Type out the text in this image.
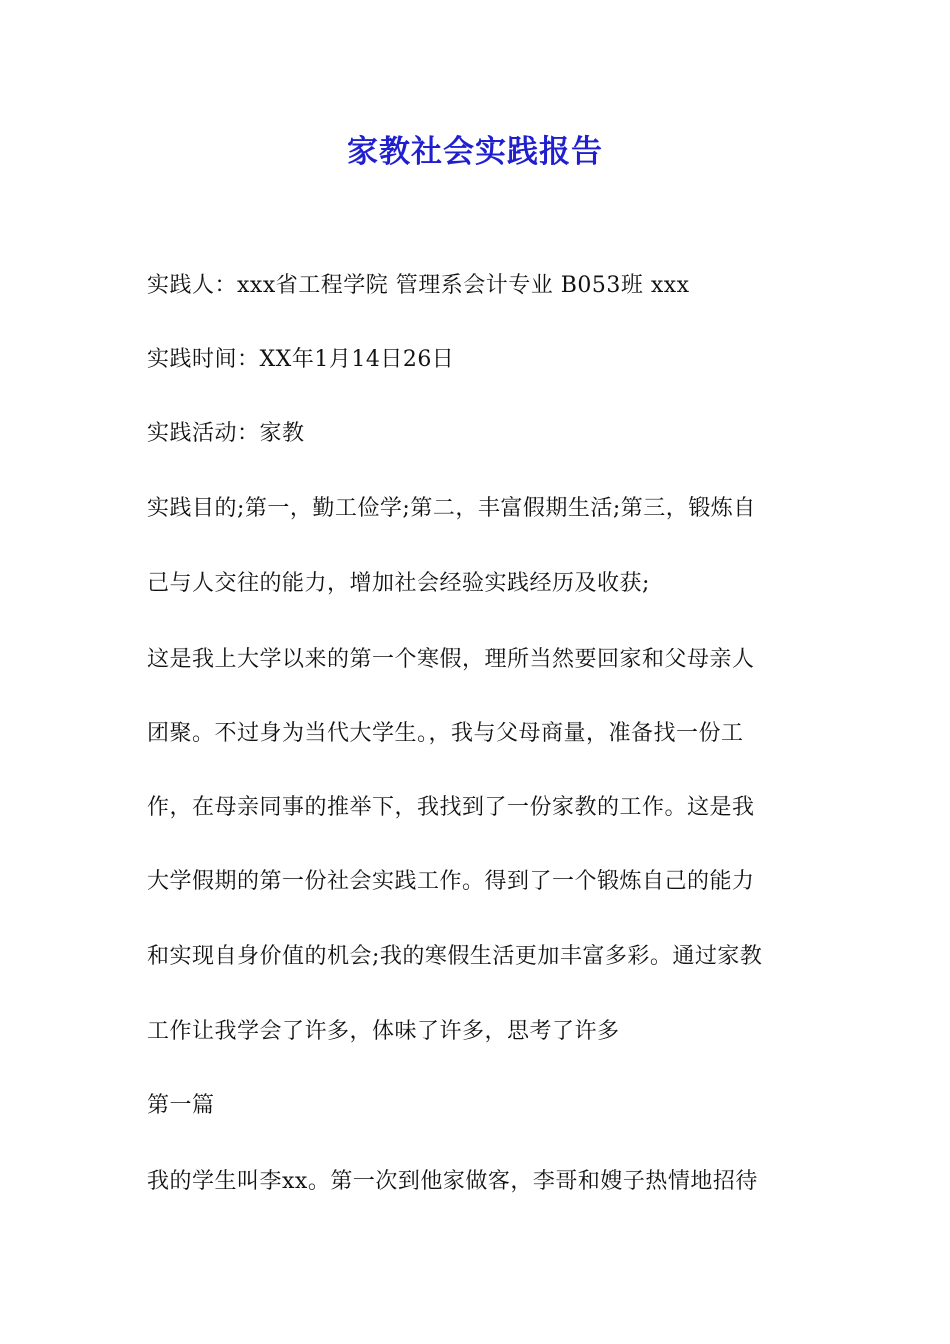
家教社会实践报告
实践人：xxx省工程学院 管理系会计专业 B053班 xxx
实践时间：XX年1月14日26日
实践活动：家教
实践目的;第一，勤工俭学;第二，丰富假期生活;第三，锻炼自
己与人交往的能力，增加社会经验实践经历及收获;
这是我上大学以来的第一个寒假，理所当然要回家和父母亲人
团聚。不过身为当代大学生。，我与父母商量，准备找一份工
作，在母亲同事的推举下，我找到了一份家教的工作。这是我
大学假期的第一份社会实践工作。得到了一个锻炼自己的能力
和实现自身价值的机会;我的寒假生活更加丰富多彩。通过家教
工作让我学会了许多，体味了许多，思考了许多
第一篇
我的学生叫李xx。第一次到他家做客，李哥和嫂子热情地招待
